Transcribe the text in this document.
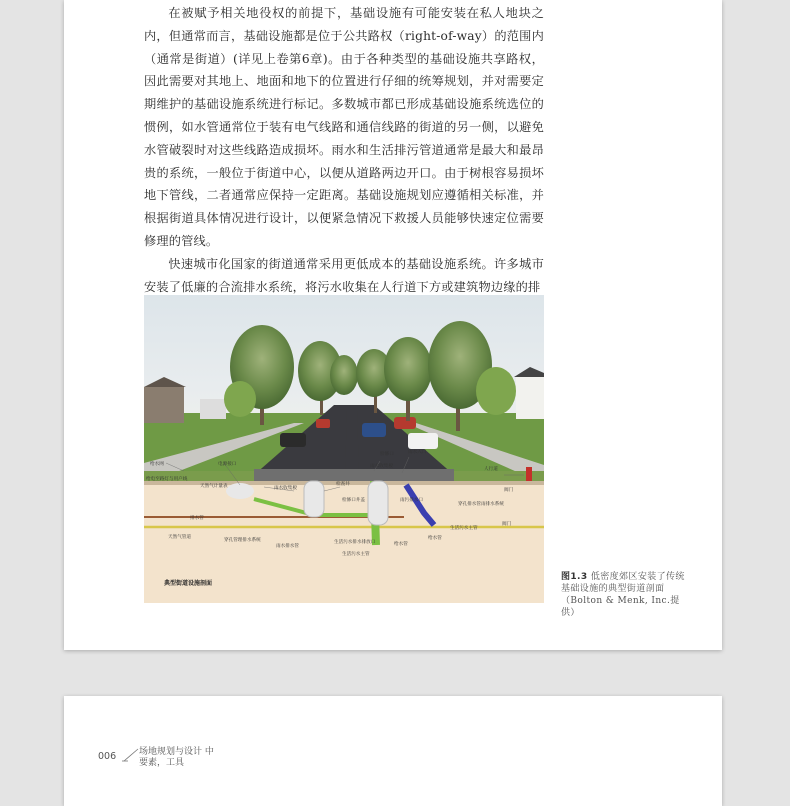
在被赋予相关地役权的前提下，基础设施有可能安装在私人地块之内，但通常而言，基础设施都是位于公共路权（right-of-way）的范围内（通常是街道）(详见上卷第6章)。由于各种类型的基础设施共享路权，因此需要对其地上、地面和地下的位置进行仔细的统筹规划，并对需要定期维护的基础设施系统进行标记。多数城市都已形成基础设施系统选位的惯例，如水管通常位于装有电气线路和通信线路的街道的另一侧，以避免水管破裂时对这些线路造成损坏。雨水和生活排污管道通常是最大和最昂贵的系统，一般位于街道中心，以便从道路两边开口。由于树根容易损坏地下管线，二者通常应保持一定距离。基础设施规划应遵循相关标准，并根据街道具体情况进行设计，以便紧急情况下救援人员能够快速定位需要修理的管线。

快速城市化国家的街道通常采用更低成本的基础设施系统。许多城市安装了低廉的合流排水系统，将污水收集在人行道下方或建筑物边缘的排

给水网	电源接口
给电至路灯与用户线
天然气计量表
排水管
天然气管道
穿孔管理排水系统
雨水收集板
检查井
检修口井盖
检修口
雨水收集板
雨水入口
雨污排水口
雨水排水管
生活污水排水排放口
生活污水主管
给水管
给水管
生活污水主管
穿孔排水管雨排水系统
人行道
阀门
阀门
典型街道设施剖面
图1.3 低密度郊区安装了传统基础设施的典型街道剖面 （Bolton & Menk, Inc.提供）
006	场地规划与设计 中
要素，工具
